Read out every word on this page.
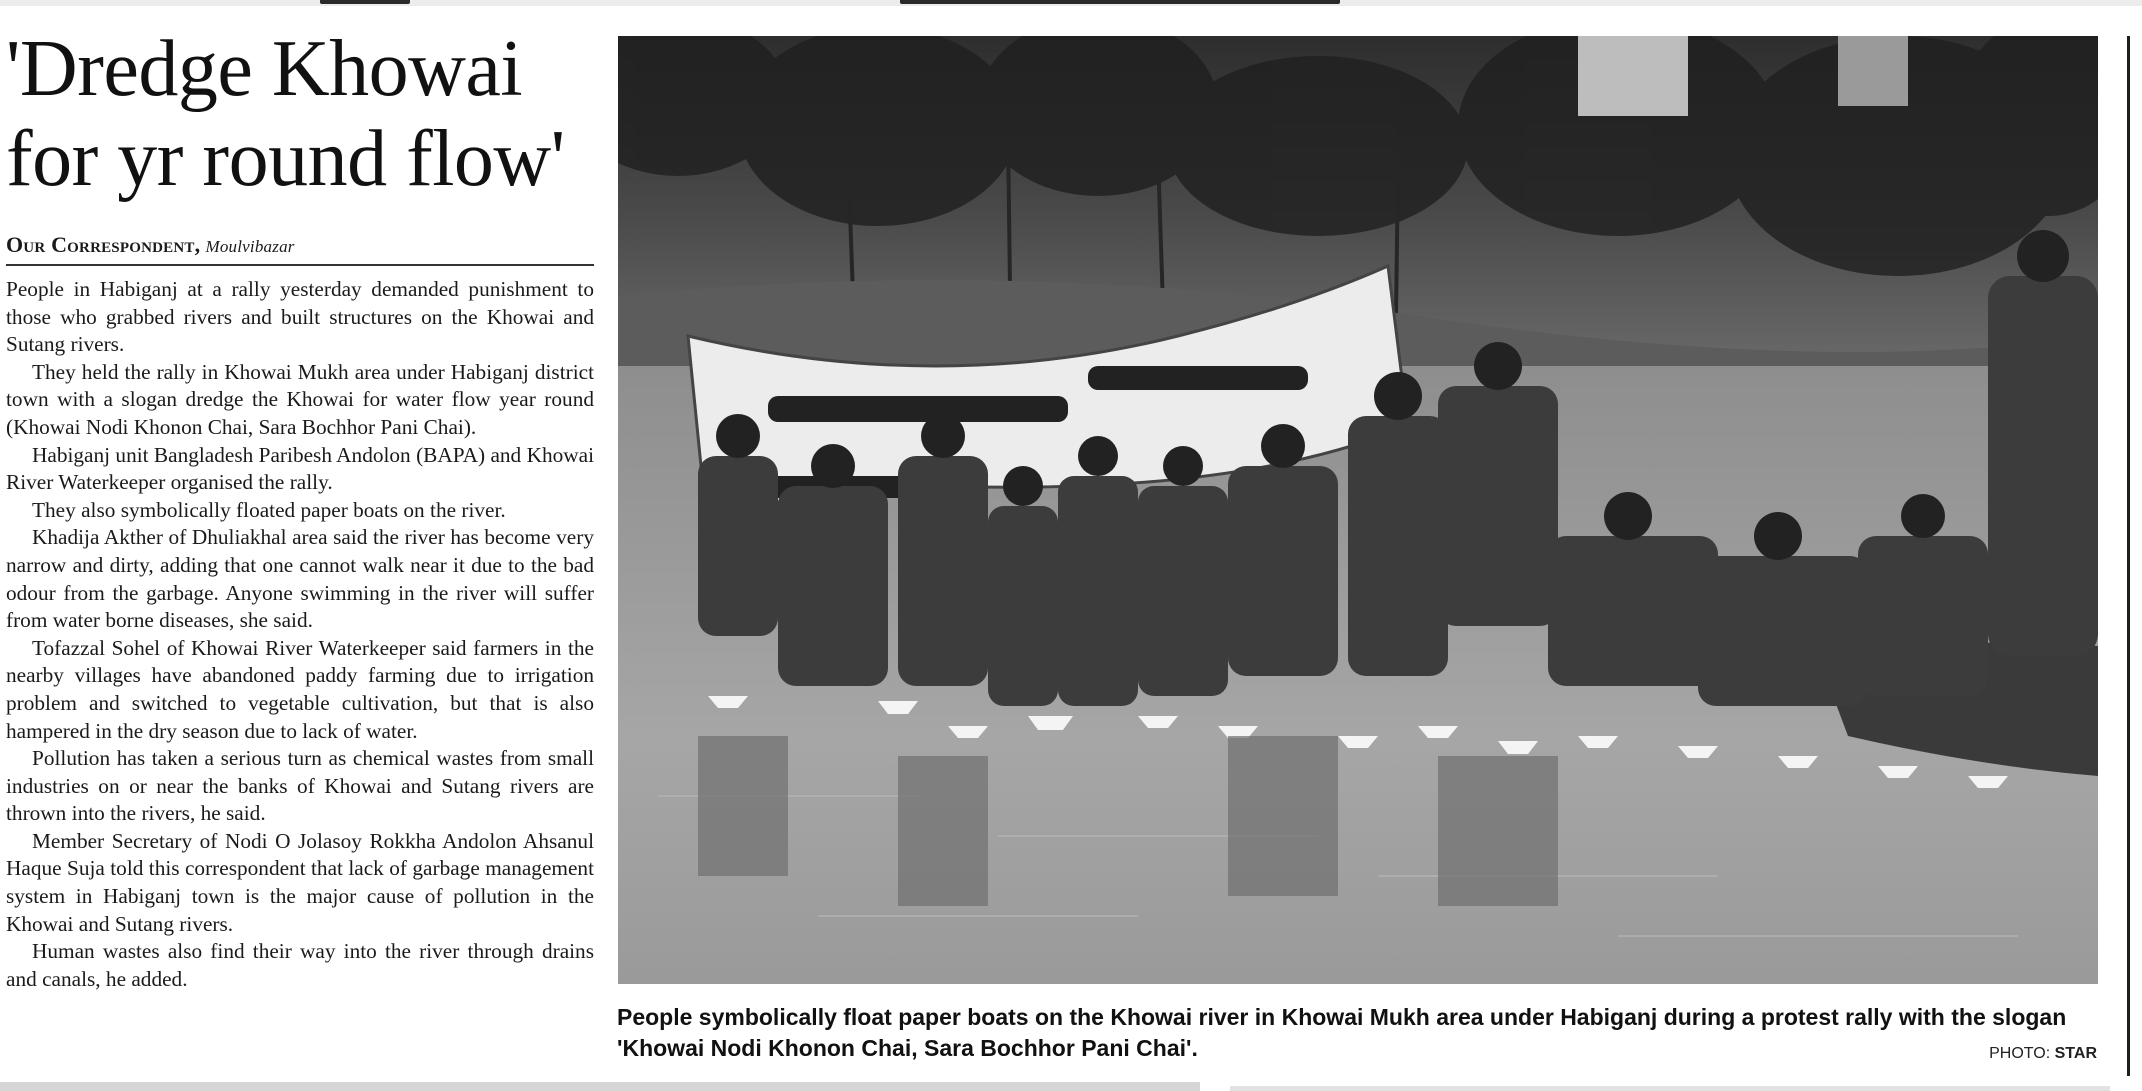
'Dredge Khowai for yr round flow'
Our Correspondent, Moulvibazar

People in Habiganj at a rally yesterday demanded punishment to those who grabbed rivers and built structures on the Khowai and Sutang rivers.

They held the rally in Khowai Mukh area under Habiganj district town with a slogan dredge the Khowai for water flow year round (Khowai Nodi Khonon Chai, Sara Bochhor Pani Chai).

Habiganj unit Bangladesh Paribesh Andolon (BAPA) and Khowai River Waterkeeper organised the rally.

They also symbolically floated paper boats on the river.

Khadija Akther of Dhuliakhal area said the river has become very narrow and dirty, adding that one cannot walk near it due to the bad odour from the garbage. Anyone swimming in the river will suffer from water borne diseases, she said.

Tofazzal Sohel of Khowai River Waterkeeper said farmers in the nearby villages have abandoned paddy farming due to irrigation problem and switched to vegetable cultivation, but that is also hampered in the dry season due to lack of water.

Pollution has taken a serious turn as chemical wastes from small industries on or near the banks of Khowai and Sutang rivers are thrown into the rivers, he said.

Member Secretary of Nodi O Jolasoy Rokkha Andolon Ahsanul Haque Suja told this correspondent that lack of garbage management system in Habiganj town is the major cause of pollution in the Khowai and Sutang rivers.

Human wastes also find their way into the river through drains and canals, he added.

People symbolically float paper boats on the Khowai river in Khowai Mukh area under Habiganj during a protest rally with the slogan 'Khowai Nodi Khonon Chai, Sara Bochhor Pani Chai'.	PHOTO: STAR
